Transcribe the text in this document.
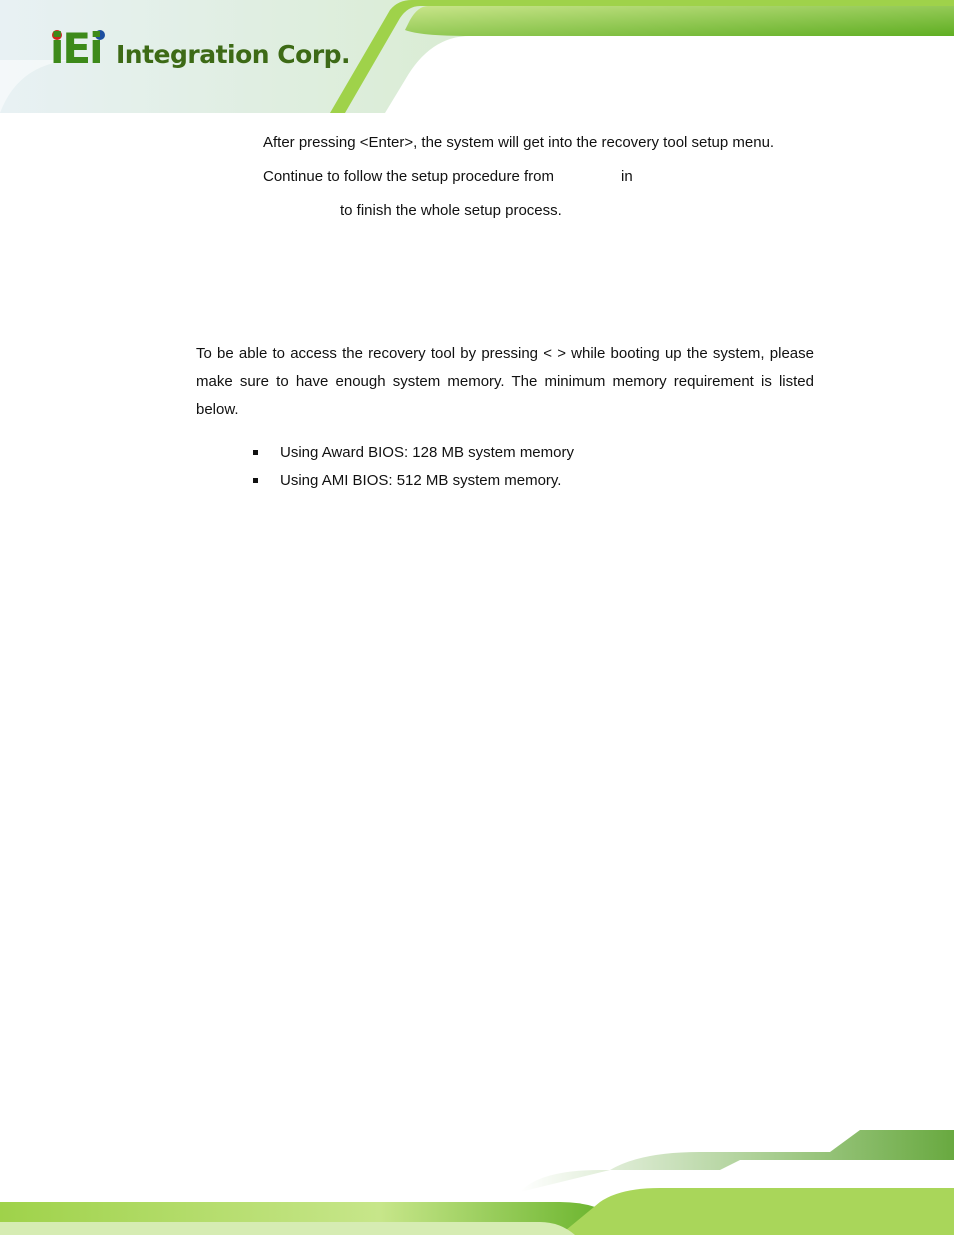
iEi Integration Corp.
After pressing <Enter>, the system will get into the recovery tool setup menu.
Continue to follow the setup procedure from	in
to finish the whole setup process.
To be able to access the recovery tool by pressing < > while booting up the system, please make sure to have enough system memory. The minimum memory requirement is listed below.
Using Award BIOS: 128 MB system memory
Using AMI BIOS: 512 MB system memory.
